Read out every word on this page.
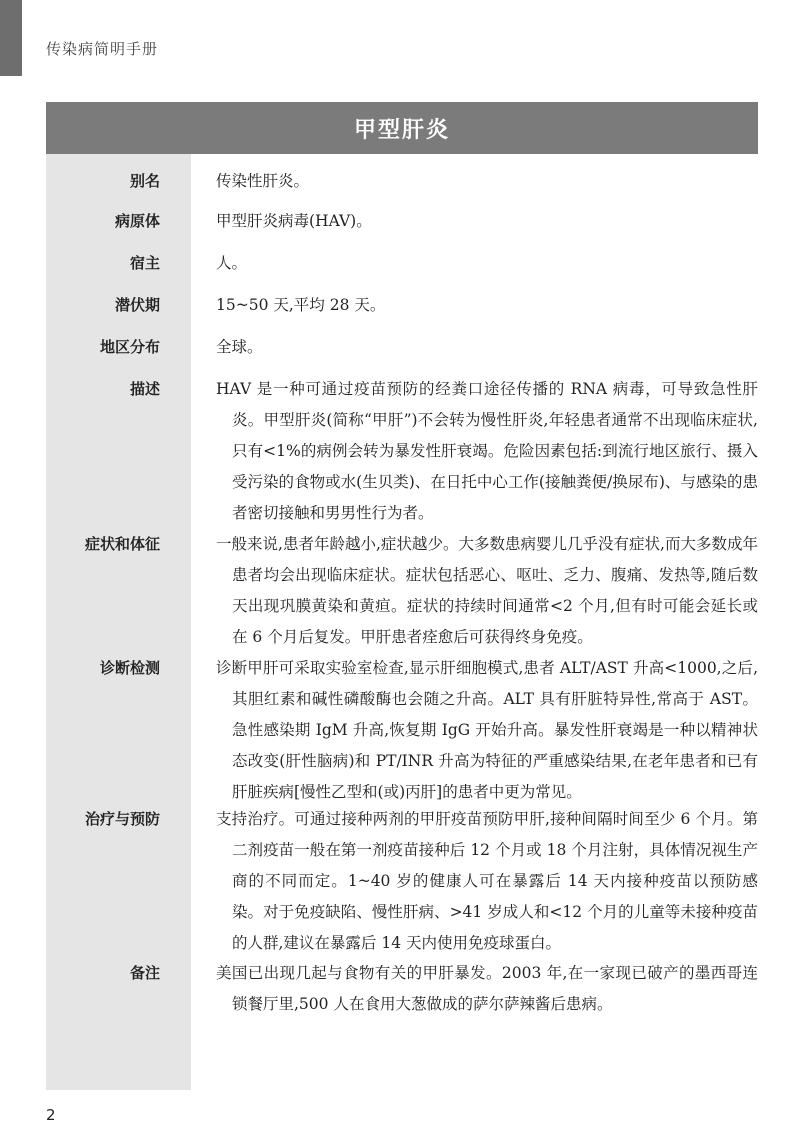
传染病简明手册
甲型肝炎
别名	传染性肝炎。

病原体	甲型肝炎病毒(HAV)。

宿主	人。

潜伏期	15~50 天,平均 28 天。

地区分布	全球。

描述	HAV 是一种可通过疫苗预防的经粪口途径传播的 RNA 病毒，可导致急性肝炎。甲型肝炎(简称“甲肝”)不会转为慢性肝炎,年轻患者通常不出现临床症状,只有<1%的病例会转为暴发性肝衰竭。危险因素包括:到流行地区旅行、摄入受污染的食物或水(生贝类)、在日托中心工作(接触粪便/换尿布)、与感染的患者密切接触和男男性行为者。

症状和体征	一般来说,患者年龄越小,症状越少。大多数患病婴儿几乎没有症状,而大多数成年患者均会出现临床症状。症状包括恶心、呕吐、乏力、腹痛、发热等,随后数天出现巩膜黄染和黄疸。症状的持续时间通常<2 个月,但有时可能会延长或在 6 个月后复发。甲肝患者痊愈后可获得终身免疫。

诊断检测	诊断甲肝可采取实验室检查,显示肝细胞模式,患者 ALT/AST 升高<1000,之后,其胆红素和碱性磷酸酶也会随之升高。ALT 具有肝脏特异性,常高于 AST。急性感染期 IgM 升高,恢复期 IgG 开始升高。暴发性肝衰竭是一种以精神状态改变(肝性脑病)和 PT/INR 升高为特征的严重感染结果,在老年患者和已有肝脏疾病[慢性乙型和(或)丙肝]的患者中更为常见。

治疗与预防	支持治疗。可通过接种两剂的甲肝疫苗预防甲肝,接种间隔时间至少 6 个月。第二剂疫苗一般在第一剂疫苗接种后 12 个月或 18 个月注射，具体情况视生产商的不同而定。1~40 岁的健康人可在暴露后 14 天内接种疫苗以预防感染。对于免疫缺陷、慢性肝病、>41 岁成人和<12 个月的儿童等未接种疫苗的人群,建议在暴露后 14 天内使用免疫球蛋白。

备注	美国已出现几起与食物有关的甲肝暴发。2003 年,在一家现已破产的墨西哥连锁餐厅里,500 人在食用大葱做成的萨尔萨辣酱后患病。

2
